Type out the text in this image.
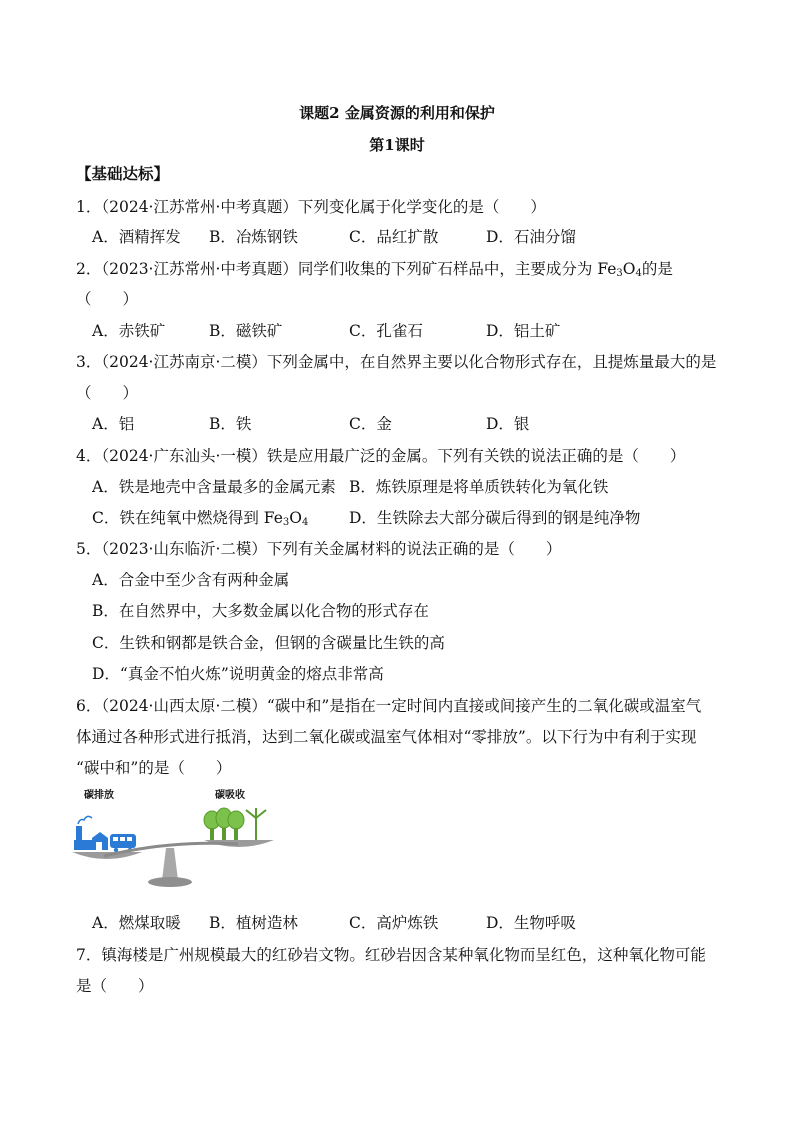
课题2 金属资源的利用和保护
第1课时
【基础达标】
1．（2024·江苏常州·中考真题）下列变化属于化学变化的是（　　）
A．酒精挥发 B．冶炼钢铁	C．品红扩散	D．石油分馏
2．（2023·江苏常州·中考真题）同学们收集的下列矿石样品中，主要成分为 $Fe_3O_4$的是
（　　）
A．赤铁矿	B．磁铁矿	C．孔雀石	D．铝土矿
3．（2024·江苏南京·二模）下列金属中，在自然界主要以化合物形式存在，且提炼量最大的是
（　　）
A．铝	B．铁	C．金	D．银
4．（2024·广东汕头·一模）铁是应用最广泛的金属。下列有关铁的说法正确的是（　　）
A．铁是地壳中含量最多的金属元素 B．炼铁原理是将单质铁转化为氧化铁
C．铁在纯氧中燃烧得到 $Fe_3O_4$	D．生铁除去大部分碳后得到的钢是纯净物
5．（2023·山东临沂·二模）下列有关金属材料的说法正确的是（　　）
A．合金中至少含有两种金属
B．在自然界中，大多数金属以化合物的形式存在
C．生铁和钢都是铁合金，但钢的含碳量比生铁的高
D．“真金不怕火炼”说明黄金的熔点非常高
6．（2024·山西太原·二模）“碳中和”是指在一定时间内直接或间接产生的二氧化碳或温室气
体通过各种形式进行抵消，达到二氧化碳或温室气体相对“零排放”。以下行为中有利于实现
“碳中和”的是（　　）
碳排放	碳吸收
A．燃煤取暖 B．植树造林	C．高炉炼铁	D．生物呼吸
7．镇海楼是广州规模最大的红砂岩文物。红砂岩因含某种氧化物而呈红色，这种氧化物可能
是（　　）
